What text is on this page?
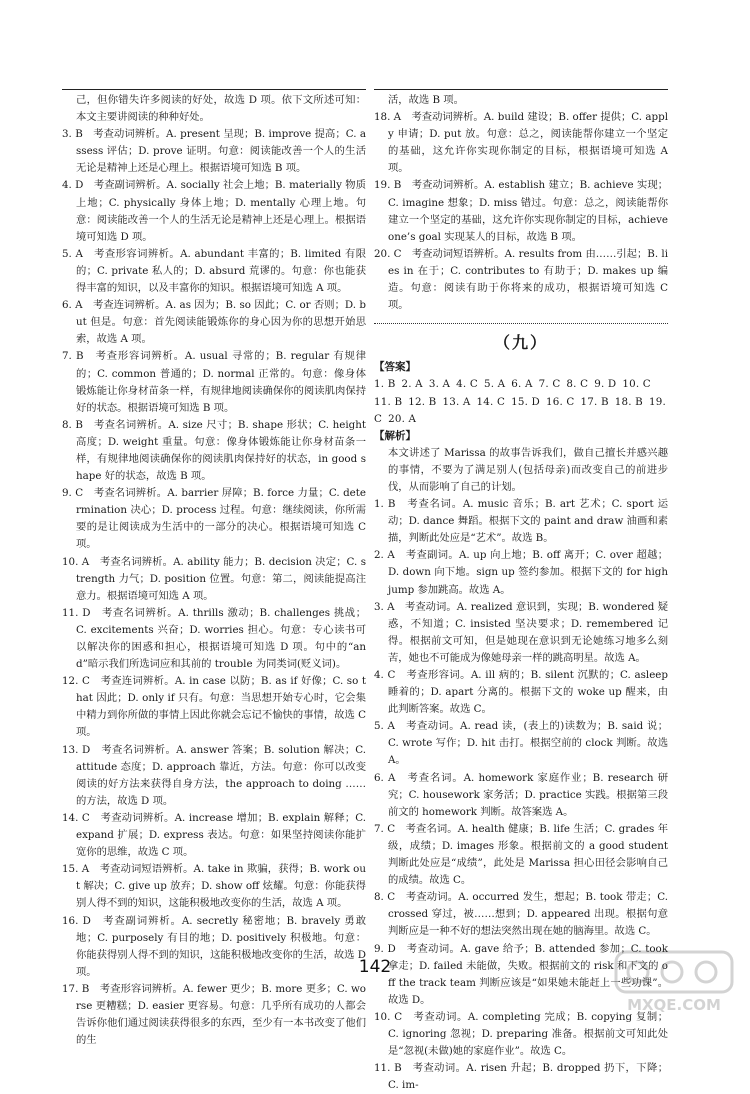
己，但你错失许多阅读的好处，故选 D 项。依下文所述可知：本文主要讲阅读的种种好处。

3. B　考查动词辨析。A. present 呈现；B. improve 提高；C. assess 评估；D. prove 证明。句意：阅读能改善一个人的生活无论是精神上还是心理上。根据语境可知选 B 项。

4. D　考查副词辨析。A. socially 社会上地；B. materially 物质上地；C. physically 身体上地；D. mentally 心理上地。句意：阅读能改善一个人的生活无论是精神上还是心理上。根据语境可知选 D 项。

5. A　考查形容词辨析。A. abundant 丰富的；B. limited 有限的；C. private 私人的；D. absurd 荒谬的。句意：你也能获得丰富的知识，以及丰富你的知识。根据语境可知选 A 项。

6. A　考查连词辨析。A. as 因为；B. so 因此；C. or 否则；D. but 但是。句意：首先阅读能锻炼你的身心因为你的思想开始思索，故选 A 项。

7. B　考查形容词辨析。A. usual 寻常的；B. regular 有规律的；C. common 普通的；D. normal 正常的。句意：像身体锻炼能让你身材苗条一样，有规律地阅读确保你的阅读肌肉保持好的状态。根据语境可知选 B 项。

8. B　考查名词辨析。A. size 尺寸；B. shape 形状；C. height 高度；D. weight 重量。句意：像身体锻炼能让你身材苗条一样，有规律地阅读确保你的阅读肌肉保持好的状态，in good shape 好的状态，故选 B 项。

9. C　考查名词辨析。A. barrier 屏障；B. force 力量；C. determination 决心；D. process 过程。句意：继续阅读，你所需要的是让阅读成为生活中的一部分的决心。根据语境可知选 C 项。

10. A　考查名词辨析。A. ability 能力；B. decision 决定；C. strength 力气；D. position 位置。句意：第二，阅读能提高注意力。根据语境可知选 A 项。

11. D　考查名词辨析。A. thrills 激动；B. challenges 挑战；C. excitements 兴奋；D. worries 担心。句意：专心读书可以解决你的困惑和担心，根据语境可知选 D 项。句中的“and”暗示我们所选词应和其前的 trouble 为同类词(贬义词)。

12. C　考查连词辨析。A. in case 以防；B. as if 好像；C. so that 因此；D. only if 只有。句意：当思想开始专心时，它会集中精力到你所做的事情上因此你就会忘记不愉快的事情，故选 C 项。

13. D　考查名词辨析。A. answer 答案；B. solution 解决；C. attitude 态度；D. approach 靠近，方法。句意：你可以改变阅读的好方法来获得自身方法，the approach to doing ……的方法，故选 D 项。

14. C　考查动词辨析。A. increase 增加；B. explain 解释；C. expand 扩展；D. express 表达。句意：如果坚持阅读你能扩宽你的思维，故选 C 项。

15. A　考查动词短语辨析。A. take in 欺骗，获得；B. work out 解决；C. give up 放弃；D. show off 炫耀。句意：你能获得别人得不到的知识，这能积极地改变你的生活，故选 A 项。

16. D　考查副词辨析。A. secretly 秘密地；B. bravely 勇敢地；C. purposely 有目的地；D. positively 积极地。句意：你能获得别人得不到的知识，这能积极地改变你的生活，故选 D 项。

17. B　考查形容词辨析。A. fewer 更少；B. more 更多；C. worse 更糟糕；D. easier 更容易。句意：几乎所有成功的人都会告诉你他们通过阅读获得很多的东西，至少有一本书改变了他们的生

活，故选 B 项。

18. A　考查动词辨析。A. build 建设；B. offer 提供；C. apply 申请；D. put 放。句意：总之，阅读能帮你建立一个坚定的基础，这允许你实现你制定的目标，根据语境可知选 A 项。

19. B　考查动词辨析。A. establish 建立；B. achieve 实现；C. imagine 想象；D. miss 错过。句意：总之，阅读能帮你建立一个坚定的基础，这允许你实现你制定的目标，achieve one’s goal 实现某人的目标，故选 B 项。

20. C　考查动词短语辨析。A. results from 由……引起；B. lies in 在于；C. contributes to 有助于；D. makes up 编造。句意：阅读有助于你将来的成功，根据语境可知选 C 项。

（九）
【答案】

1. B 2. A 3. A 4. C 5. A 6. A 7. C 8. C 9. D 10. C

11. B 12. B 13. A 14. C 15. D 16. C 17. B 18. B 19. C 20. A

【解析】

本文讲述了 Marissa 的故事告诉我们，做自己擅长并感兴趣的事情，不要为了满足别人(包括母亲)而改变自己的前进步伐，从而影响了自己的计划。

1. B　考查名词。A. music 音乐；B. art 艺术；C. sport 运动；D. dance 舞蹈。根据下文的 paint and draw 油画和素描，判断此处应是“艺术”。故选 B。

2. A　考查副词。A. up 向上地；B. off 离开；C. over 超越；D. down 向下地。sign up 签约参加。根据下文的 for high jump 参加跳高。故选 A。

3. A　考查动词。A. realized 意识到，实现；B. wondered 疑惑，不知道；C. insisted 坚决要求；D. remembered 记得。根据前文可知，但是她现在意识到无论她练习地多么刻苦，她也不可能成为像她母亲一样的跳高明星。故选 A。

4. C　考查形容词。A. ill 病的；B. silent 沉默的；C. asleep 睡着的；D. apart 分离的。根据下文的 woke up 醒来，由此判断答案。故选 C。

5. A　考查动词。A. read 读，(表上的)读数为；B. said 说；C. wrote 写作；D. hit 击打。根据空前的 clock 判断。故选 A。

6. A　考查名词。A. homework 家庭作业；B. research 研究；C. housework 家务活；D. practice 实践。根据第三段前文的 homework 判断。故答案选 A。

7. C　考查名词。A. health 健康；B. life 生活；C. grades 年级，成绩；D. images 形象。根据前文的 a good student 判断此处应是“成绩”，此处是 Marissa 担心田径会影响自己的成绩。故选 C。

8. C　考查动词。A. occurred 发生，想起；B. took 带走；C. crossed 穿过，被……想到；D. appeared 出现。根据句意判断应是一种不好的想法突然出现在她的脑海里。故选 C。

9. D　考查动词。A. gave 给予；B. attended 参加；C. took 拿走；D. failed 未能做，失败。根据前文的 risk 和下文的 off the track team 判断应该是“如果她未能赶上一些功课”。故选 D。

10. C　考查动词。A. completing 完成；B. copying 复制；C. ignoring 忽视；D. preparing 准备。根据前文可知此处是“忽视(未做)她的家庭作业”。故选 C。

11. B　考查动词。A. risen 升起；B. dropped 扔下，下降；C. im-

142
MXQE.COM
